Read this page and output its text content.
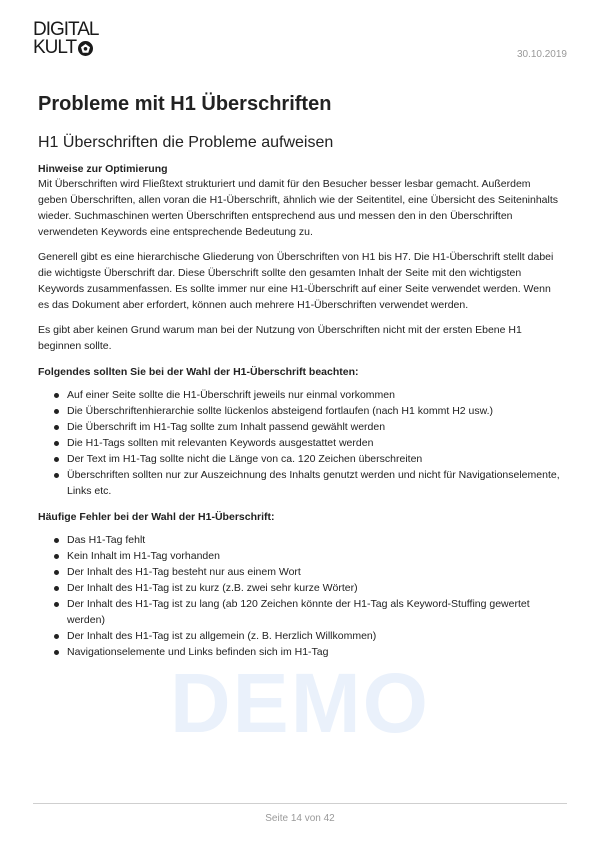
DIGITAL
KULT	30.10.2019
Probleme mit H1 Überschriften
H1 Überschriften die Probleme aufweisen
Hinweise zur Optimierung

Mit Überschriften wird Fließtext strukturiert und damit für den Besucher besser lesbar gemacht. Außerdem geben Überschriften, allen voran die H1-Überschrift, ähnlich wie der Seitentitel, eine Übersicht des Seiteninhalts wieder. Suchmaschinen werten Überschriften entsprechend aus und messen den in den Überschriften verwendeten Keywords eine entsprechende Bedeutung zu.

Generell gibt es eine hierarchische Gliederung von Überschriften von H1 bis H7. Die H1-Überschrift stellt dabei die wichtigste Überschrift dar. Diese Überschrift sollte den gesamten Inhalt der Seite mit den wichtigsten Keywords zusammenfassen. Es sollte immer nur eine H1-Überschrift auf einer Seite verwendet werden. Wenn es das Dokument aber erfordert, können auch mehrere H1-Überschriften verwendet werden.

Es gibt aber keinen Grund warum man bei der Nutzung von Überschriften nicht mit der ersten Ebene H1 beginnen sollte.

Folgendes sollten Sie bei der Wahl der H1-Überschrift beachten:
Auf einer Seite sollte die H1-Überschrift jeweils nur einmal vorkommen
Die Überschriftenhierarchie sollte lückenlos absteigend fortlaufen (nach H1 kommt H2 usw.)
Die Überschrift im H1-Tag sollte zum Inhalt passend gewählt werden
Die H1-Tags sollten mit relevanten Keywords ausgestattet werden
Der Text im H1-Tag sollte nicht die Länge von ca. 120 Zeichen überschreiten
Überschriften sollten nur zur Auszeichnung des Inhalts genutzt werden und nicht für Navigationselemente, Links etc.
Häufige Fehler bei der Wahl der H1-Überschrift:
Das H1-Tag fehlt
Kein Inhalt im H1-Tag vorhanden
Der Inhalt des H1-Tag besteht nur aus einem Wort
Der Inhalt des H1-Tag ist zu kurz (z.B. zwei sehr kurze Wörter)
Der Inhalt des H1-Tag ist zu lang (ab 120 Zeichen könnte der H1-Tag als Keyword-Stuffing gewertet werden)
Der Inhalt des H1-Tag ist zu allgemein (z. B. Herzlich Willkommen)
Navigationselemente und Links befinden sich im H1-Tag
DEMO
Seite 14 von 42
